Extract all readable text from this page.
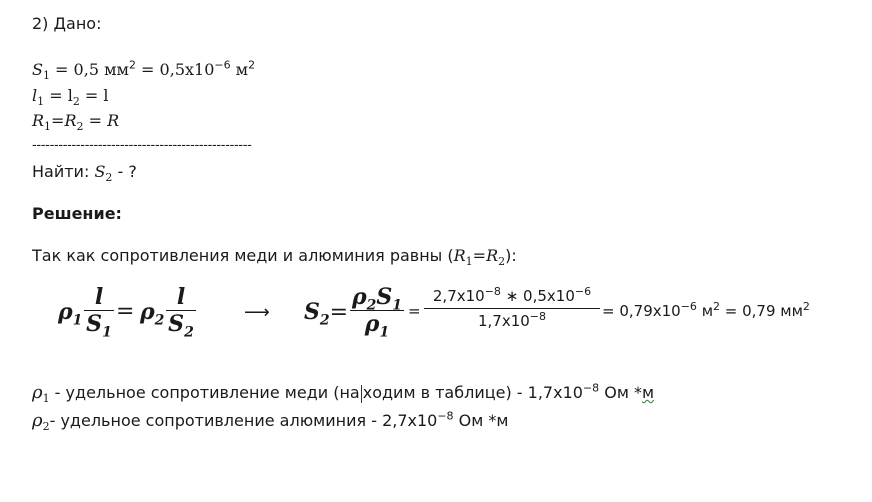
2) Дано:
$S_1 = 0,5$ $мм^2 = 0,5x10^{-6}$ $м^2$
$l_1 = l_2 = l$
$R_1=R_2 = R$
--------------------------------------------------
Найти: $S_2$ - ?
Решение:
Так как сопротивления меди и алюминия равны $(R_1=R_2)$:
$\rho_1$
l
$S_1$
= $\rho_2$
l
$S_2$
⟶ $S_2=$
$\rho_2S_1$
$\rho_1$
=
$2,7x10^{-8}$ ∗ $0,5x10^{-6}$
$1,7x10^{-8}$	= $0,79x10^{-6}$ $м^2 = 0,79$ $мм^2$
$\rho_1$ - удельное сопротивление меди (на ходим в таблице) - $1,7x10^{-8}$ Ом *м
$\rho_2-$ удельное сопротивление алюминия - $2,7x10^{-8}$ Ом *м
